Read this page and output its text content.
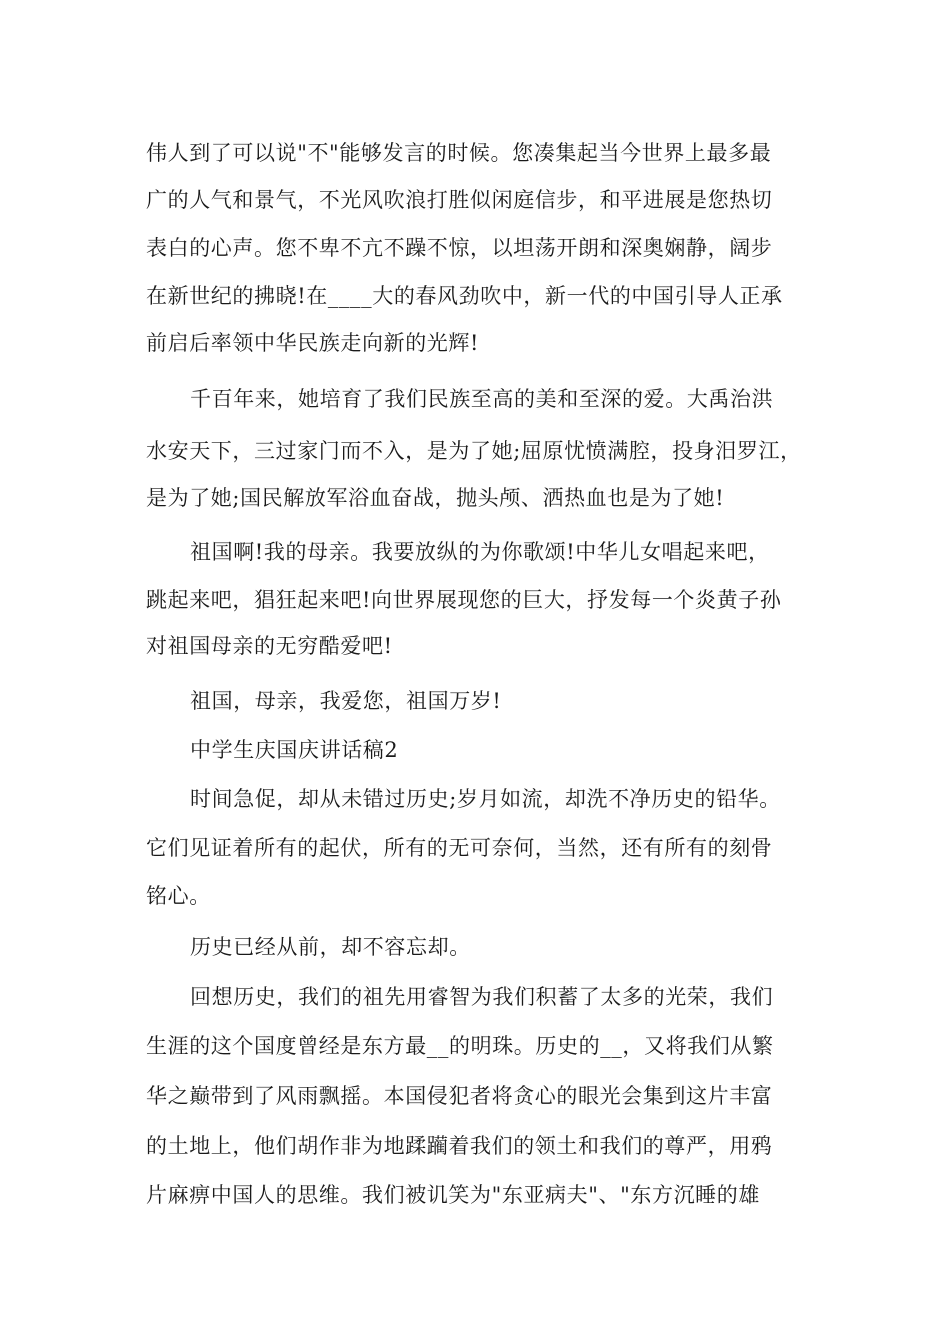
伟人到了可以说"不"能够发言的时候。您凑集起当今世界上最多最
广的人气和景气，不光风吹浪打胜似闲庭信步，和平进展是您热切
表白的心声。您不卑不亢不躁不惊，以坦荡开朗和深奥娴静，阔步
在新世纪的拂晓!在____大的春风劲吹中，新一代的中国引导人正承
前启后率领中华民族走向新的光辉!
千百年来，她培育了我们民族至高的美和至深的爱。大禹治洪
水安天下，三过家门而不入，是为了她;屈原忧愤满腔，投身汨罗江，
是为了她;国民解放军浴血奋战，抛头颅、洒热血也是为了她!
祖国啊!我的母亲。我要放纵的为你歌颂!中华儿女唱起来吧，
跳起来吧，猖狂起来吧!向世界展现您的巨大，抒发每一个炎黄子孙
对祖国母亲的无穷酷爱吧!
祖国，母亲，我爱您，祖国万岁!
中学生庆国庆讲话稿2
时间急促，却从未错过历史;岁月如流，却洗不净历史的铅华。
它们见证着所有的起伏，所有的无可奈何，当然，还有所有的刻骨
铭心。
历史已经从前，却不容忘却。
回想历史，我们的祖先用睿智为我们积蓄了太多的光荣，我们
生涯的这个国度曾经是东方最__的明珠。历史的__，又将我们从繁
华之巅带到了风雨飘摇。本国侵犯者将贪心的眼光会集到这片丰富
的土地上，他们胡作非为地蹂躏着我们的领土和我们的尊严，用鸦
片麻痹中国人的思维。我们被讥笑为"东亚病夫"、"东方沉睡的雄
